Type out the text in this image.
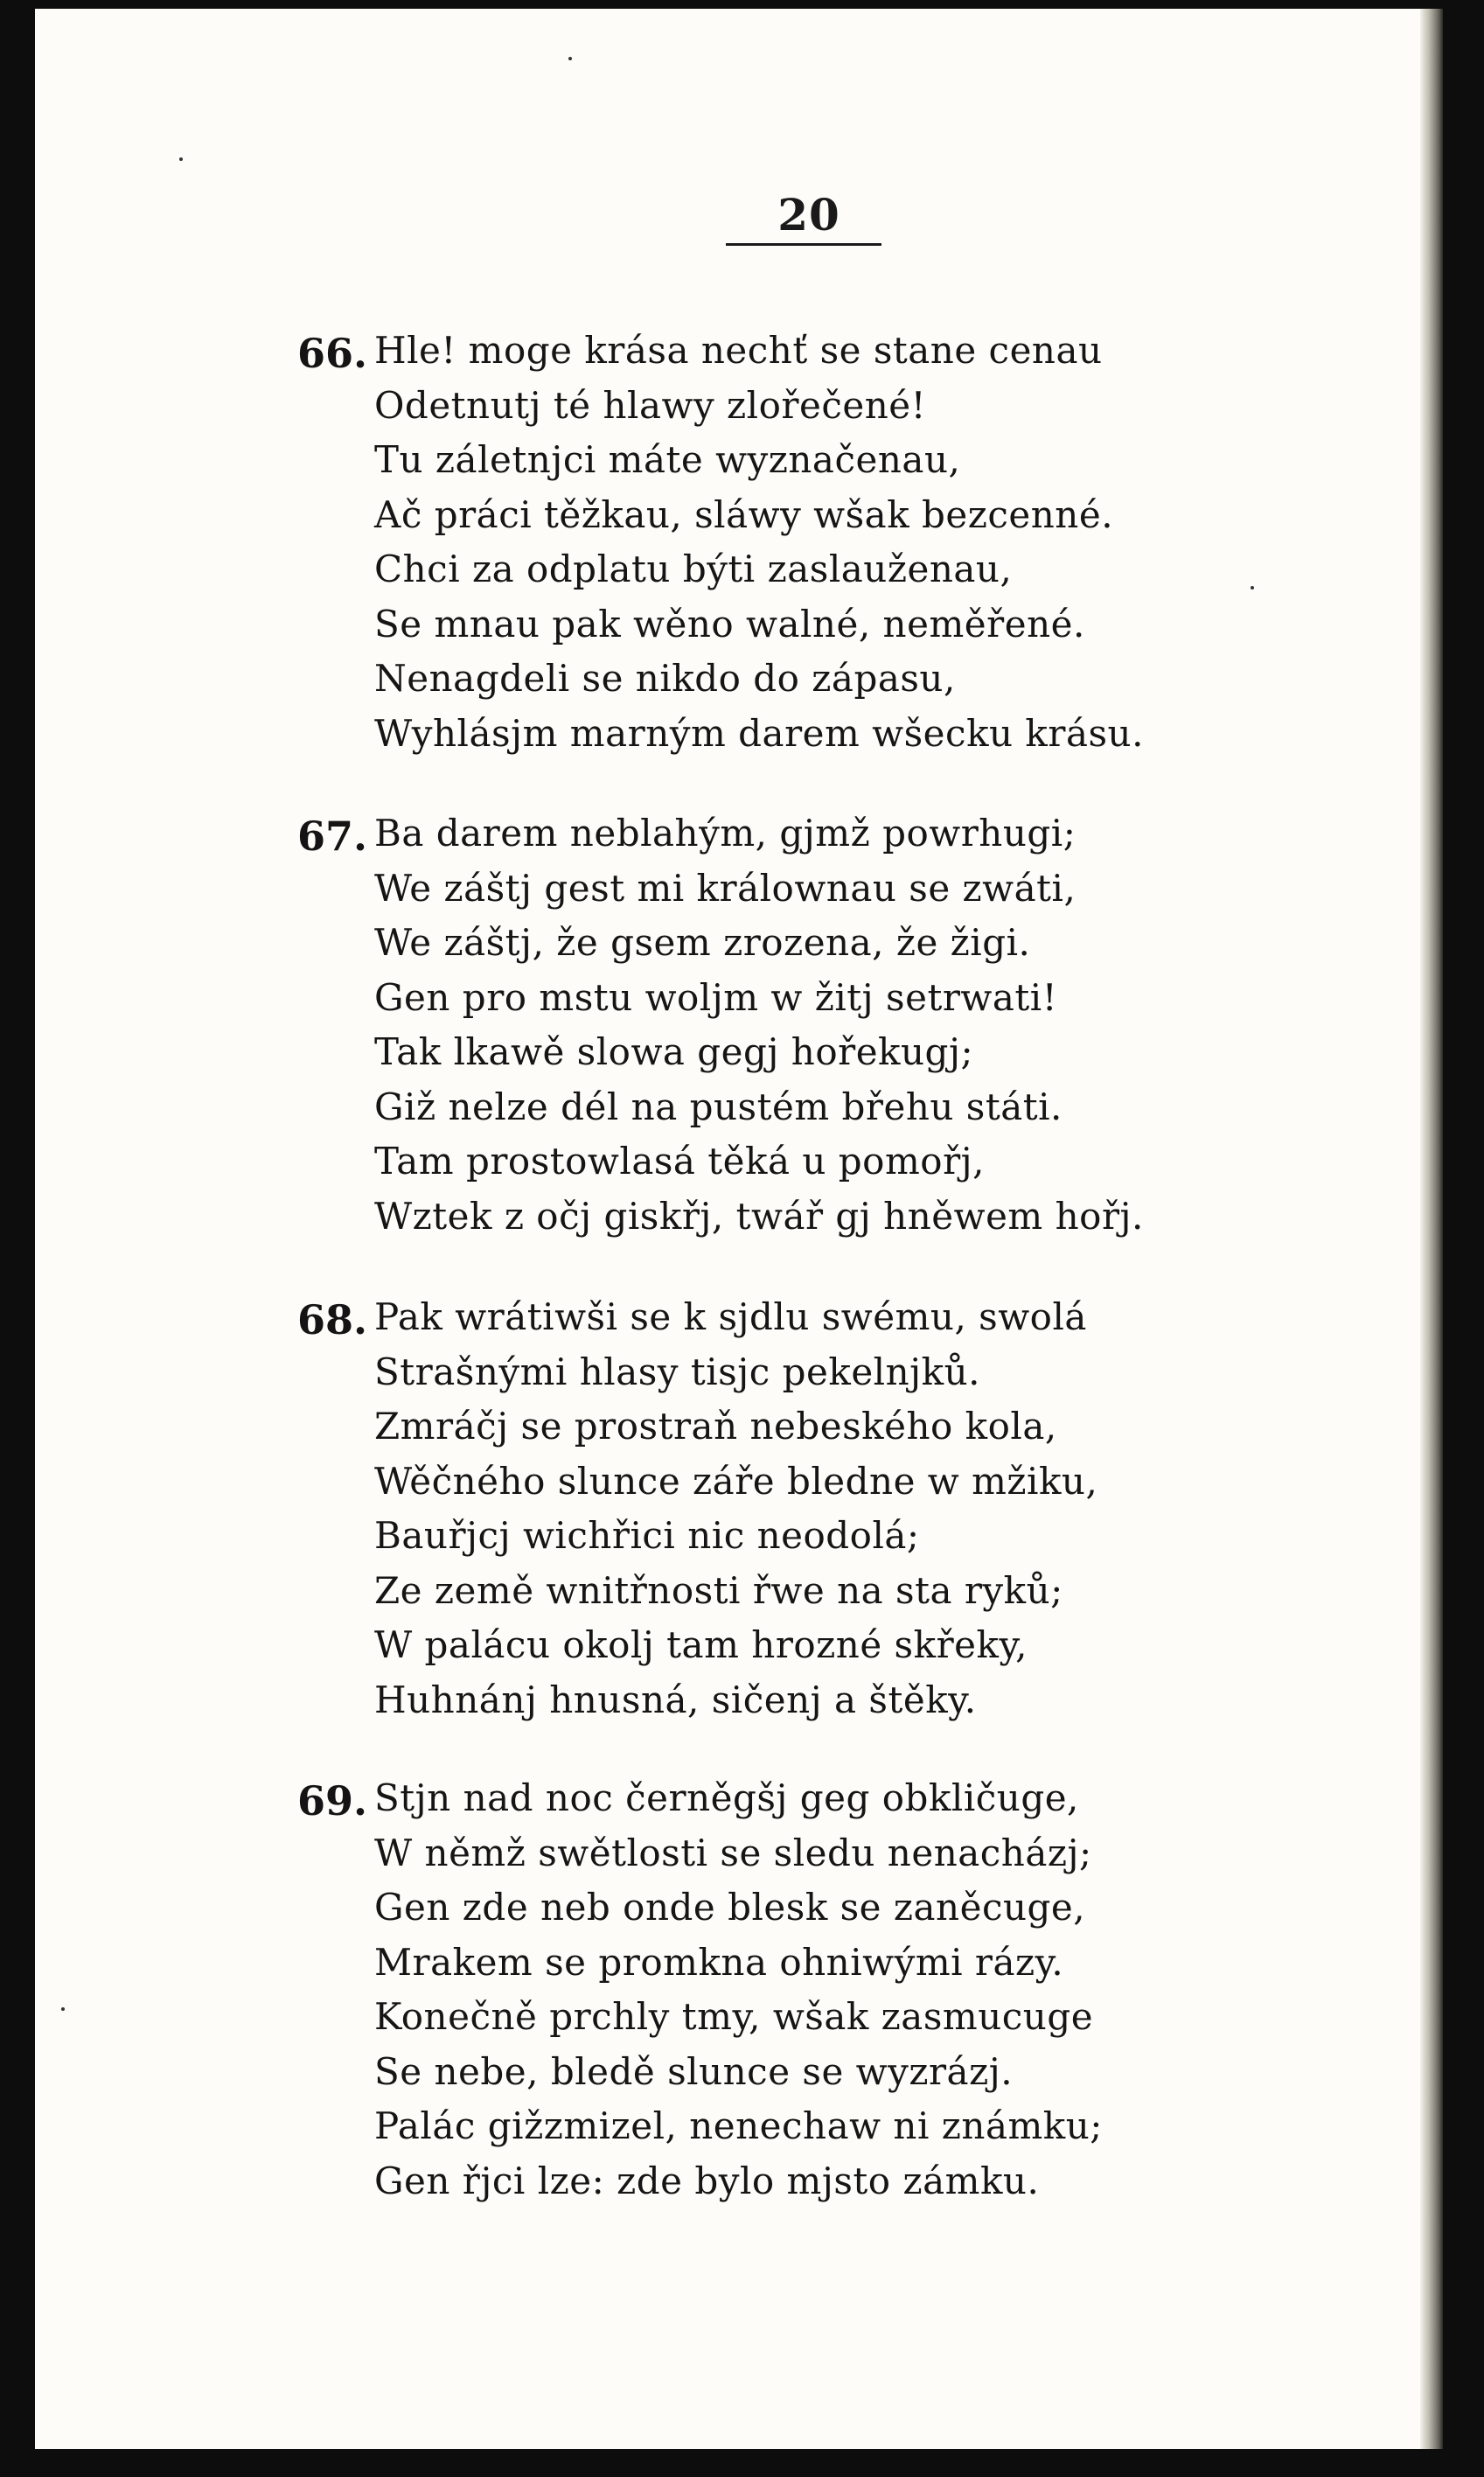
20
66. Hle! moge krása nechť se stane cenau
Odetnutj té hlawy zlořečené!
Tu záletnjci máte wyznačenau,
Ač práci těžkau, sláwy wšak bezcenné.
Chci za odplatu býti zaslauženau,
Se mnau pak wěno walné, neměřené.
Nenagdeli se nikdo do zápasu,
Wyhlásjm marným darem wšecku krásu.
67. Ba darem neblahým, gjmž powrhugi;
We záštj gest mi králownau se zwáti,
We záštj, že gsem zrozena, že žigi.
Gen pro mstu woljm w žitj setrwati!
Tak lkawě slowa gegj hořekugj;
Giž nelze dél na pustém břehu státi.
Tam prostowlasá těká u pomořj,
Wztek z očj giskřj, twář gj hněwem hořj.
68. Pak wrátiwši se k sjdlu swému, swolá
Strašnými hlasy tisjc pekelnjků.
Zmráčj se prostraň nebeského kola,
Wěčného slunce záře bledne w mžiku,
Bauřjcj wichřici nic neodolá;
Ze země wnitřnosti řwe na sta ryků;
W palácu okolj tam hrozné skřeky,
Huhnánj hnusná, sičenj a štěky.
69. Stjn nad noc černěgšj geg obkličuge,
W němž swětlosti se sledu nenacházj;
Gen zde neb onde blesk se zaněcuge,
Mrakem se promkna ohniwými rázy.
Konečně prchly tmy, wšak zasmucuge
Se nebe, bledě slunce se wyzrázj.
Palác gižzmizel, nenechaw ni známku;
Gen řjci lze: zde bylo mjsto zámku.
